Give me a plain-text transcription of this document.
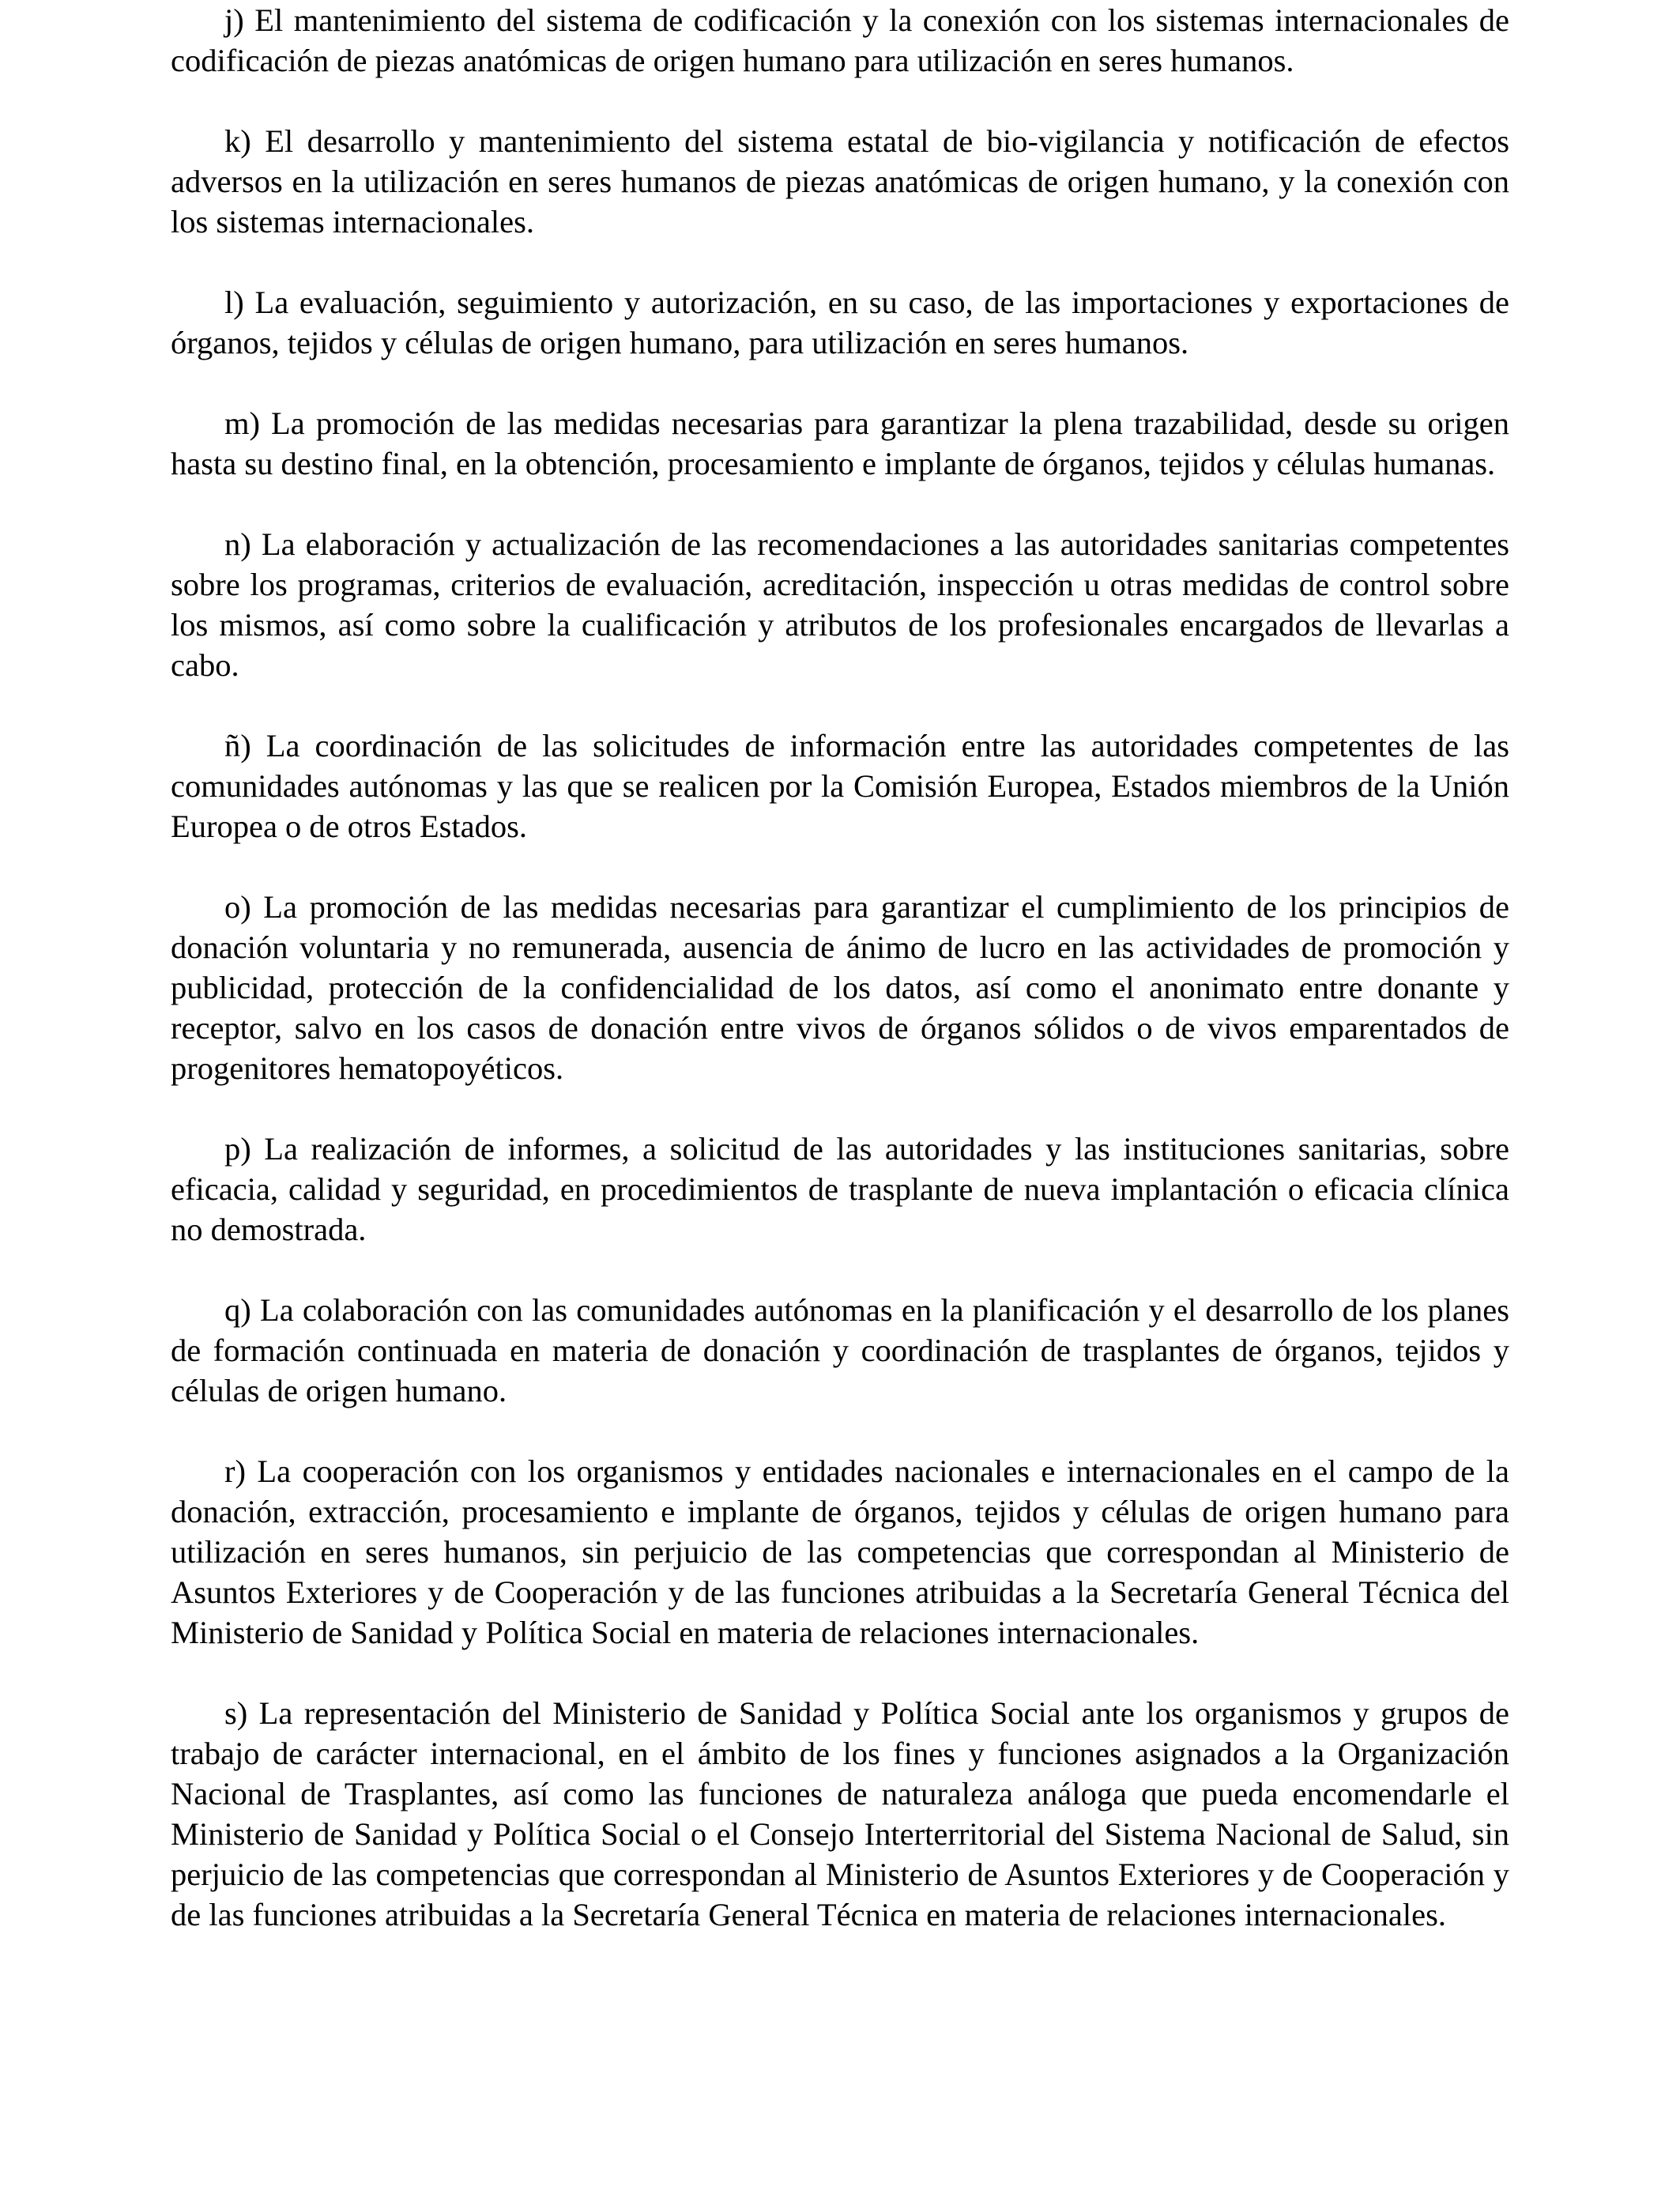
j) El mantenimiento del sistema de codificación y la conexión con los sistemas internacionales de codificación de piezas anatómicas de origen humano para utilización en seres humanos.

k) El desarrollo y mantenimiento del sistema estatal de bio-vigilancia y notificación de efectos adversos en la utilización en seres humanos de piezas anatómicas de origen humano, y la conexión con los sistemas internacionales.

l) La evaluación, seguimiento y autorización, en su caso, de las importaciones y exportaciones de órganos, tejidos y células de origen humano, para utilización en seres humanos.

m) La promoción de las medidas necesarias para garantizar la plena trazabilidad, desde su origen hasta su destino final, en la obtención, procesamiento e implante de órganos, tejidos y células humanas.

n) La elaboración y actualización de las recomendaciones a las autoridades sanitarias competentes sobre los programas, criterios de evaluación, acreditación, inspección u otras medidas de control sobre los mismos, así como sobre la cualificación y atributos de los profesionales encargados de llevarlas a cabo.

ñ) La coordinación de las solicitudes de información entre las autoridades competentes de las comunidades autónomas y las que se realicen por la Comisión Europea, Estados miembros de la Unión Europea o de otros Estados.

o) La promoción de las medidas necesarias para garantizar el cumplimiento de los principios de donación voluntaria y no remunerada, ausencia de ánimo de lucro en las actividades de promoción y publicidad, protección de la confidencialidad de los datos, así como el anonimato entre donante y receptor, salvo en los casos de donación entre vivos de órganos sólidos o de vivos emparentados de progenitores hematopoyéticos.

p) La realización de informes, a solicitud de las autoridades y las instituciones sanitarias, sobre eficacia, calidad y seguridad, en procedimientos de trasplante de nueva implantación o eficacia clínica no demostrada.

q) La colaboración con las comunidades autónomas en la planificación y el desarrollo de los planes de formación continuada en materia de donación y coordinación de trasplantes de órganos, tejidos y células de origen humano.

r) La cooperación con los organismos y entidades nacionales e internacionales en el campo de la donación, extracción, procesamiento e implante de órganos, tejidos y células de origen humano para utilización en seres humanos, sin perjuicio de las competencias que correspondan al Ministerio de Asuntos Exteriores y de Cooperación y de las funciones atribuidas a la Secretaría General Técnica del Ministerio de Sanidad y Política Social en materia de relaciones internacionales.

s) La representación del Ministerio de Sanidad y Política Social ante los organismos y grupos de trabajo de carácter internacional, en el ámbito de los fines y funciones asignados a la Organización Nacional de Trasplantes, así como las funciones de naturaleza análoga que pueda encomendarle el Ministerio de Sanidad y Política Social o el Consejo Interterritorial del Sistema Nacional de Salud, sin perjuicio de las competencias que correspondan al Ministerio de Asuntos Exteriores y de Cooperación y de las funciones atribuidas a la Secretaría General Técnica en materia de relaciones internacionales.
